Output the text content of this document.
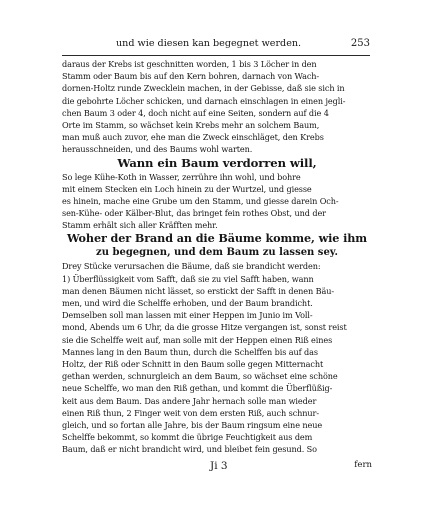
und wie diesen kan begegnet werden.	253
daraus der Krebs ist geschnitten worden, 1 bis 3 Löcher in den
Stamm oder Baum bis auf den Kern bohren, darnach von Wach-
dornen-Holtz runde Zwecklein machen, in der Gebisse, daß sie sich in
die gebohrte Löcher schicken, und darnach einschlagen in einen jegli-
chen Baum 3 oder 4, doch nicht auf eine Seiten, sondern auf die 4
Orte im Stamm, so wächset kein Krebs mehr an solchem Baum,
man muß auch zuvor, ehe man die Zweck einschläget, den Krebs
herausschneiden, und des Baums wohl warten.
Wann ein Baum verdorren will,
So lege Kühe-Koth in Wasser, zerrühre ihn wohl, und bohre
mit einem Stecken ein Loch hinein zu der Wurtzel, und giesse
es hinein, mache eine Grube um den Stamm, und giesse darein Och-
sen-Kühe- oder Kälber-Blut, das bringet fein rothes Obst, und der
Stamm erhält sich aller Kräfften mehr.
Woher der Brand an die Bäume komme, wie ihm
zu begegnen, und dem Baum zu lassen sey.
Drey Stücke verursachen die Bäume, daß sie brandicht werden:
1) Überflüssigkeit vom Safft, daß sie zu viel Safft haben, wann
man denen Bäumen nicht lässet, so erstickt der Safft in denen Bäu-
men, und wird die Schelffe erhoben, und der Baum brandicht.
Demselben soll man lassen mit einer Heppen im Junio im Voll-
mond, Abends um 6 Uhr, da die grosse Hitze vergangen ist, sonst reist
sie die Schelffe weit auf, man solle mit der Heppen einen Riß eines
Mannes lang in den Baum thun, durch die Schelffen bis auf das
Holtz, der Riß oder Schnitt in den Baum solle gegen Mitternacht
gethan werden, schnurgleich an dem Baum, so wächset eine schöne
neue Schelffe, wo man den Riß gethan, und kommt die Überflüßig-
keit aus dem Baum. Das andere Jahr hernach solle man wieder
einen Riß thun, 2 Finger weit von dem ersten Riß, auch schnur-
gleich, und so fortan alle Jahre, bis der Baum ringsum eine neue
Schelffe bekommt, so kommt die übrige Feuchtigkeit aus dem
Baum, daß er nicht brandicht wird, und bleibet fein gesund. So
Ji 3	fern
